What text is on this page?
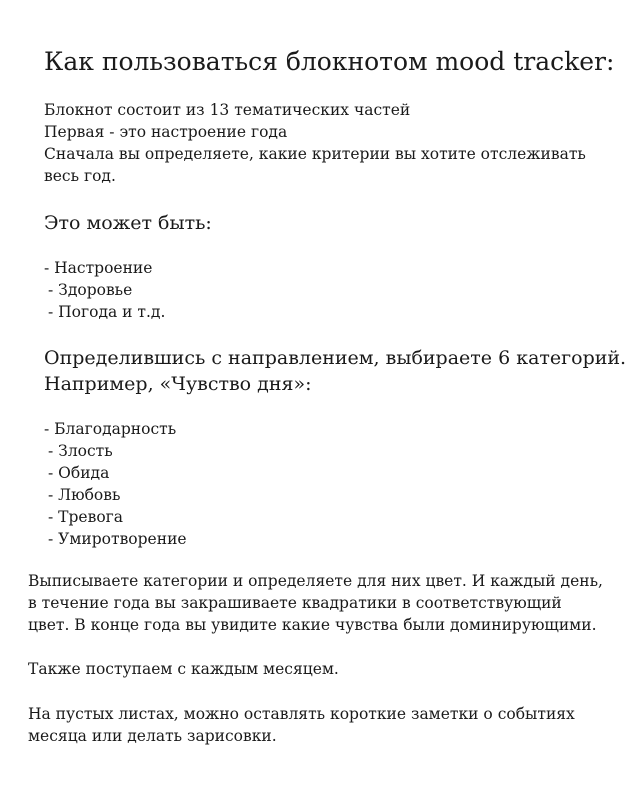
Как пользоваться блокнотом mood tracker:

Блокнот состоит из 13 тематических частей

Первая - это настроение года

Сначала вы определяете, какие критерии вы хотите отслеживать весь год.

Это может быть:
- Настроение
- Здоровье
- Погода и т.д.
Определившись с направлением, выбираете 6 категорий.
Например, «Чувство дня»:
- Благодарность
- Злость
- Обида
- Любовь
- Тревога
- Умиротворение

Выписываете категории и определяете для них цвет. И каждый день, в течение года вы закрашиваете квадратики в соответствующий цвет. В конце года вы увидите какие чувства были доминирующими.

Также поступаем с каждым месяцем.

На пустых листах, можно оставлять короткие заметки о событиях месяца или делать зарисовки.
